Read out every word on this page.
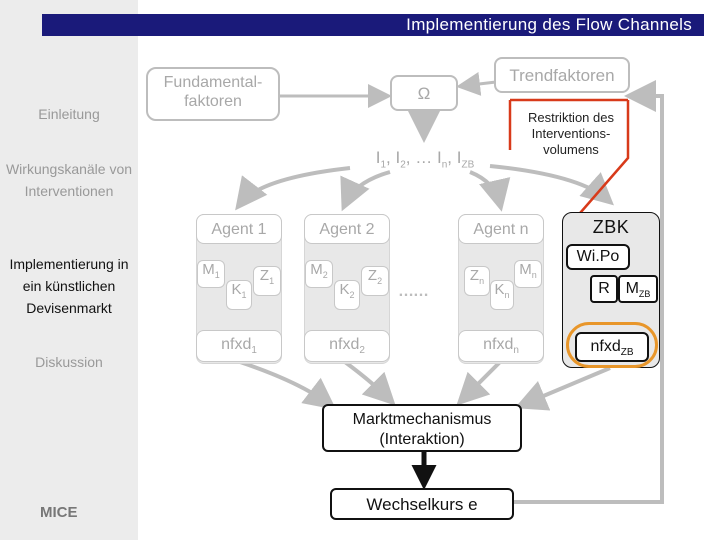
Implementierung des Flow Channels
Einleitung
Wirkungskanäle von Interventionen
Implementierung in ein künstlichen Devisenmarkt
Diskussion
MICE
Fundamental-faktoren	Ω
Trendfaktoren
Restriktion des Interventions-volumens
$I_1$, $I_2$, … $I_n$, $I_{ZB}$
Agent 1
$M_1$
$K_1$
$Z_1$
nfxd$_1$
Agent 2
$M_2$
$K_2$
$Z_2$
nfxd$_2$
……
Agent n
$Z_n$ $K_n$
$M_n$
nfxd$_n$
ZBK
Wi.Po
R $M_{ZB}$
nfxd$_{ZB}$
Marktmechanismus
(Interaktion)
Wechselkurs e
